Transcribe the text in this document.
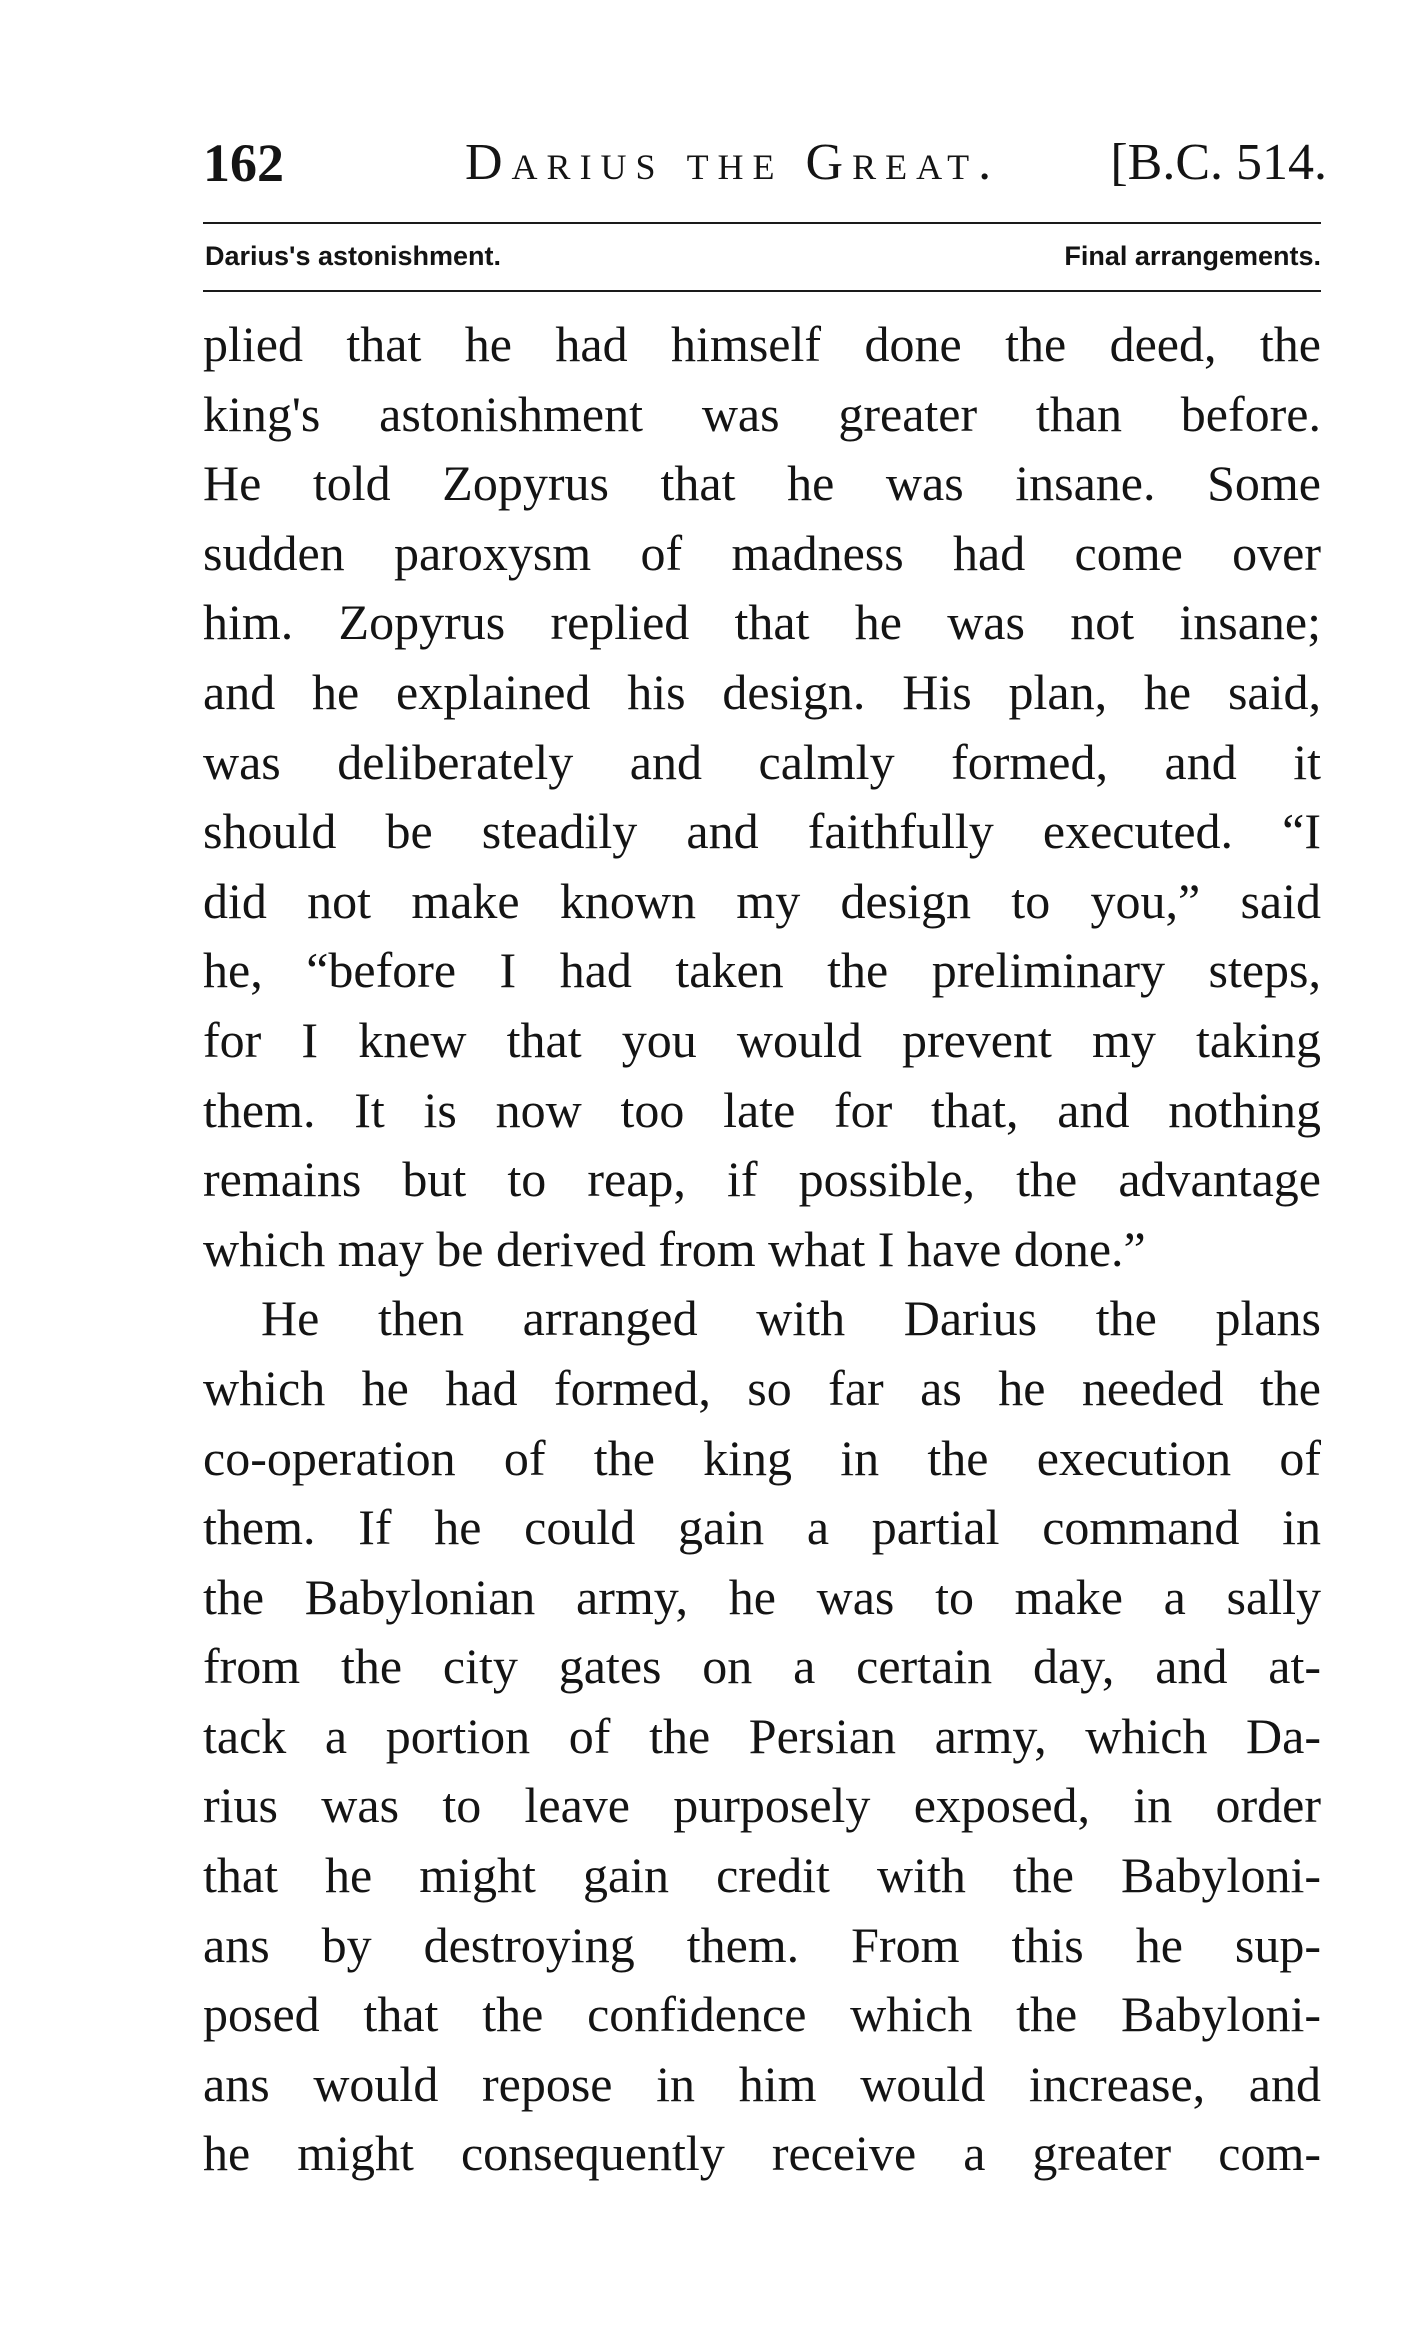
162	Darius the Great. [B.C. 514.
Darius's astonishment.	Final arrangements.
plied that he had himself done the deed, the
king's astonishment was greater than before.
He told Zopyrus that he was insane. Some
sudden paroxysm of madness had come over
him. Zopyrus replied that he was not insane;
and he explained his design. His plan, he said,
was deliberately and calmly formed, and it
should be steadily and faithfully executed. “I
did not make known my design to you,” said
he, “before I had taken the preliminary steps,
for I knew that you would prevent my taking
them. It is now too late for that, and nothing
remains but to reap, if possible, the advantage
which may be derived from what I have done.”
He then arranged with Darius the plans
which he had formed, so far as he needed the
co-operation of the king in the execution of
them. If he could gain a partial command in
the Babylonian army, he was to make a sally
from the city gates on a certain day, and at-
tack a portion of the Persian army, which Da-
rius was to leave purposely exposed, in order
that he might gain credit with the Babyloni-
ans by destroying them. From this he sup-
posed that the confidence which the Babyloni-
ans would repose in him would increase, and
he might consequently receive a greater com-
